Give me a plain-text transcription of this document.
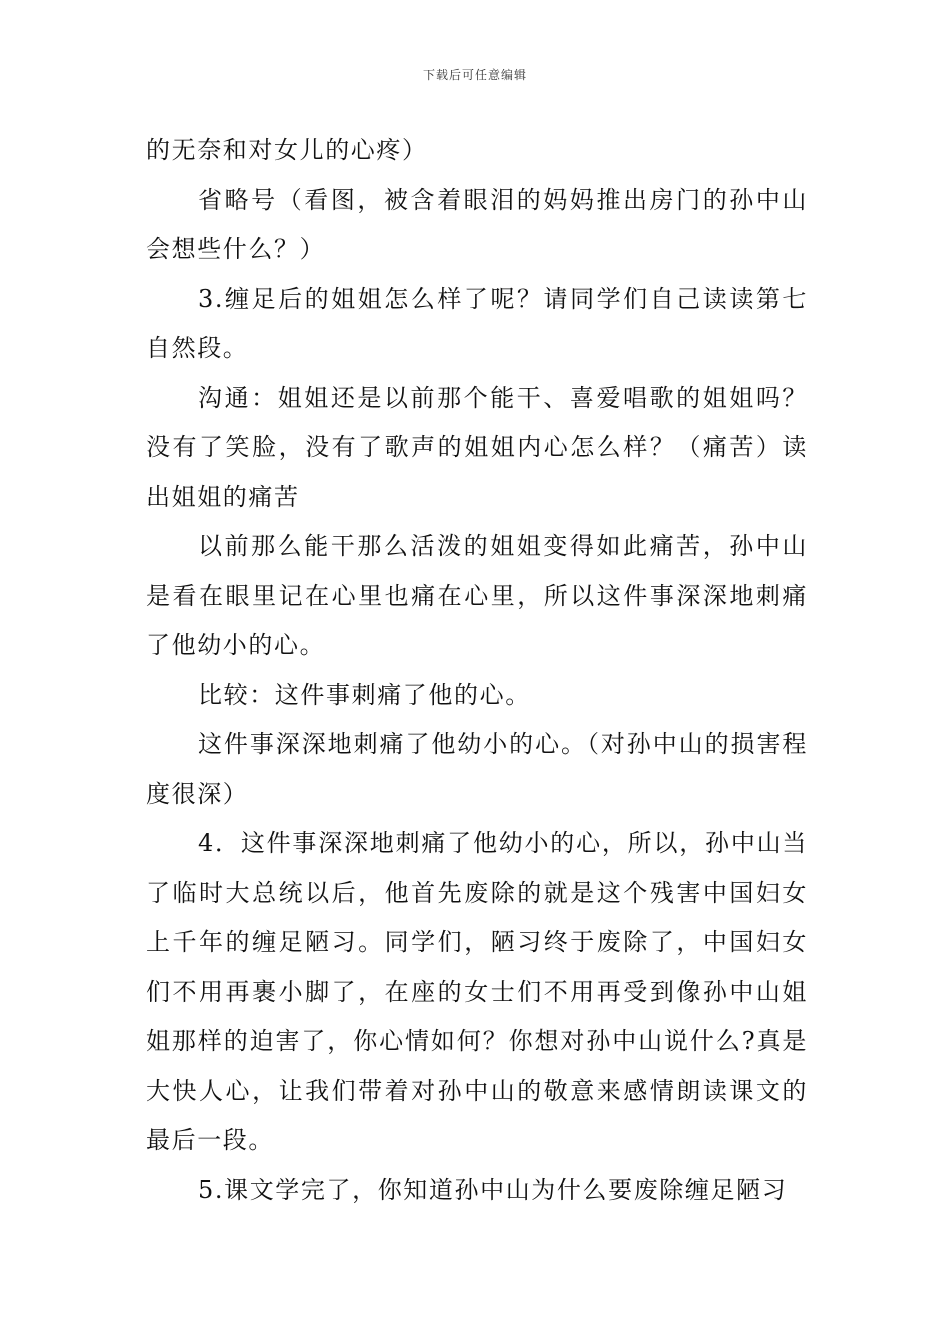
下载后可任意编辑

的无奈和对女儿的心疼）

省略号（看图，被含着眼泪的妈妈推出房门的孙中山会想些什么？）

3.缠足后的姐姐怎么样了呢？请同学们自己读读第七自然段。

沟通：姐姐还是以前那个能干、喜爱唱歌的姐姐吗？没有了笑脸，没有了歌声的姐姐内心怎么样？（痛苦）读出姐姐的痛苦

以前那么能干那么活泼的姐姐变得如此痛苦，孙中山是看在眼里记在心里也痛在心里，所以这件事深深地刺痛了他幼小的心。

比较：这件事刺痛了他的心。

这件事深深地刺痛了他幼小的心。（对孙中山的损害程度很深）

4．这件事深深地刺痛了他幼小的心，所以，孙中山当了临时大总统以后，他首先废除的就是这个残害中国妇女上千年的缠足陋习。同学们，陋习终于废除了，中国妇女们不用再裹小脚了，在座的女士们不用再受到像孙中山姐姐那样的迫害了，你心情如何？你想对孙中山说什么?真是大快人心，让我们带着对孙中山的敬意来感情朗读课文的最后一段。

5.课文学完了，你知道孙中山为什么要废除缠足陋习
